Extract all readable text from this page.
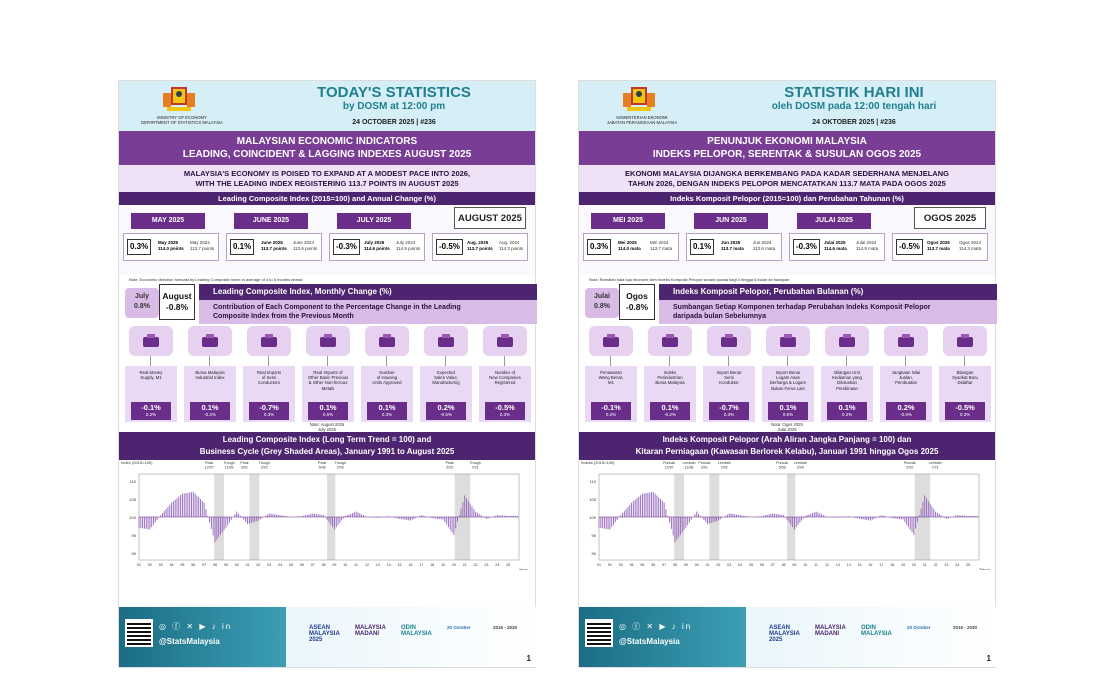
MINISTRY OF ECONOMY
DEPARTMENT OF STATISTICS MALAYSIA
TODAY'S STATISTICS
by DOSM at 12:00 pm
24 OCTOBER 2025 | #236
MALAYSIAN ECONOMIC INDICATORS
LEADING, COINCIDENT & LAGGING INDEXES AUGUST 2025
MALAYSIA'S ECONOMY IS POISED TO EXPAND AT A MODEST PACE INTO 2026,
WITH THE LEADING INDEX REGISTERING 113.7 POINTS IN AUGUST 2025
Leading Composite Index (2015=100) and Annual Change (%)
MAY 2025
0.3%	May 2025
114.0 points
May 2024
113.7 points
JUNE 2025
0.1%	June 2025
113.7 points
June 2024
113.6 points
JULY 2025
-0.3%	July 2025
114.6 points
July 2024
114.9 points
AUGUST 2025
-0.5%	Aug. 2025
113.7 points
Aug. 2024
114.3 points
Note: Economic direction forecast by Leading Composite Index in average of 4 to 6 months ahead
July
0.8%
August
-0.8%
Leading Composite Index, Monthly Change (%)
Contribution of Each Component to the Percentage Change in the Leading
Composite Index from the Previous Month
Real Money
Supply, M1
-0.1%
0.2%
Bursa Malaysia
Industrial Index
0.1%
-0.2%
Real Imports
of Semi
Conductors
-0.7%
0.3%
Real Imports of
Other Basic Precious
& Other Non-ferrous
Metals
0.1%
0.5%
Number
of Housing
Units Approved
0.1%
0.3%
Expected
Sales Value,
Manufacturing
0.2%
-0.6%
Number of
New Companies
Registered
-0.5%
0.3%
Note: August 2025
July 2025
Leading Composite Index (Long Term Trend = 100) and
Business Cycle (Grey Shaded Areas), January 1991 to August 2025
90
95
100
105
110
91 92 93 94 95 96 97 98 99 00 01 02 03 04 05 06 07 08 09 10 11 12 13 14 15 16 17 18 19 20 21 22 23 24 25
Year
Index (2015=100)	Peak 12/97
Trough 11/98
Peak 3/01
Trough 2/02
Peak 5/08
Trough 2/09
Peak 2/20
Trough 7/21
◎ ⓕ ✕ ▶ ♪ in
@StatsMalaysia
ASEAN MALAYSIA 2025
MALAYSIA MADANI
ODIN MALAYSIA
20 October	2016 - 2030
1
KEMENTERIAN EKONOMI
JABATAN PERANGKAAN MALAYSIA
STATISTIK HARI INI
oleh DOSM pada 12:00 tengah hari
24 OKTOBER 2025 | #236
PENUNJUK EKONOMI MALAYSIA
INDEKS PELOPOR, SERENTAK & SUSULAN OGOS 2025
EKONOMI MALAYSIA DIJANGKA BERKEMBANG PADA KADAR SEDERHANA MENJELANG
TAHUN 2026, DENGAN INDEKS PELOPOR MENCATATKAN 113.7 MATA PADA OGOS 2025
Indeks Komposit Pelopor (2015=100) dan Perubahan Tahunan (%)
MEI 2025
0.3%	Mei 2025
114.0 mata
Mei 2024
113.7 mata
JUN 2025
0.1%	Jun 2025
113.7 mata
Jun 2024
113.6 mata
JULAI 2025
-0.3%	Julai 2025
114.6 mata
Julai 2024
114.9 mata
OGOS 2025
-0.5%	Ogos 2025
113.7 mata
Ogos 2024
114.3 mata
Nota: Ramalan hala tuju ekonomi oleh Indeks Komposit Pelopor secara purata bagi 4 hingga 6 bulan ke hadapan
Julai
0.8%
Ogos
-0.8%
Indeks Komposit Pelopor, Perubahan Bulanan (%)
Sumbangan Setiap Komponen terhadap Perubahan Indeks Komposit Pelopor
daripada bulan Sebelumnya
Penawaran
Wang Benar,
M1
-0.1%
0.2%
Indeks
Perindustrian
Bursa Malaysia
0.1%
-0.2%
Import Benar
Semi
Konduktor
-0.7%
0.3%
Import Benar
Logam Asas
Berharga & Logam
Bukan Ferus Lain
0.1%
0.5%
Bilangan Unit
Kediaman yang
Diluluskan
Pembinaan
0.1%
0.3%
Jangkaan Nilai
Jualan,
Pembuatan
0.2%
-0.6%
Bilangan
Syarikat Baru
Didaftar
-0.5%
0.3%
Nota: Ogos 2025
Julai 2025
Indeks Komposit Pelopor (Arah Aliran Jangka Panjang = 100) dan
Kitaran Perniagaan (Kawasan Berlorek Kelabu), Januari 1991 hingga Ogos 2025
90
95
100
105
110
91 92 93 94 95 96 97 98 99 00 01 02 03 04 05 06 07 08 09 10 11 12 13 14 15 16 17 18 19 20 21 22 23 24 25
Tahun
Indeks (2015=100)	Puncak 12/97
Lembah 11/98
Puncak 3/01
Lembah 2/02
Puncak 5/08
Lembah 2/09
Puncak 2/20
Lembah 7/21
◎ ⓕ ✕ ▶ ♪ in
@StatsMalaysia
ASEAN MALAYSIA 2025
MALAYSIA MADANI
ODIN MALAYSIA
20 October	2016 - 2030
1
